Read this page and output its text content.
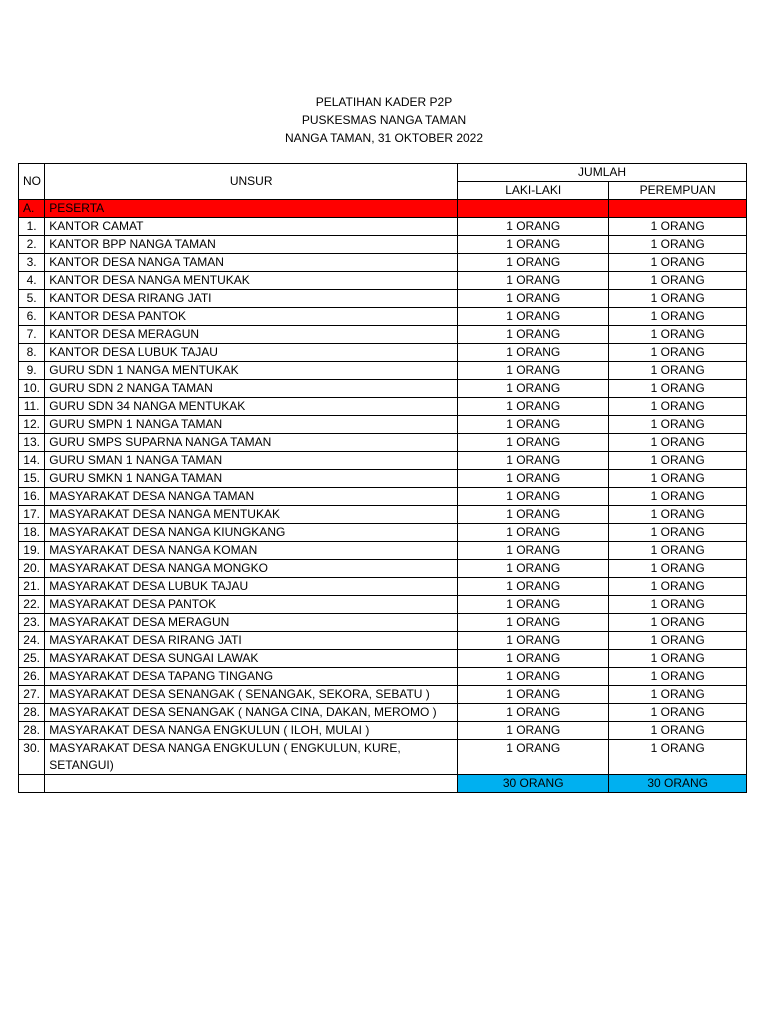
PELATIHAN KADER P2P
PUSKESMAS NANGA TAMAN
NANGA TAMAN, 31 OKTOBER 2022
NO	UNSUR	JUMLAH	
		LAKI-LAKI	PEREMPUAN
A.	PESERTA		
1.	KANTOR CAMAT	1 ORANG	1 ORANG
2.	KANTOR BPP NANGA TAMAN	1 ORANG	1 ORANG
3.	KANTOR DESA NANGA TAMAN	1 ORANG	1 ORANG
4.	KANTOR DESA NANGA MENTUKAK	1 ORANG	1 ORANG
5.	KANTOR DESA RIRANG JATI	1 ORANG	1 ORANG
6.	KANTOR DESA PANTOK	1 ORANG	1 ORANG
7.	KANTOR DESA MERAGUN	1 ORANG	1 ORANG
8.	KANTOR DESA LUBUK TAJAU	1 ORANG	1 ORANG
9.	GURU SDN 1 NANGA MENTUKAK	1 ORANG	1 ORANG
10.	GURU SDN 2 NANGA TAMAN	1 ORANG	1 ORANG
11.	GURU SDN 34 NANGA MENTUKAK	1 ORANG	1 ORANG
12.	GURU SMPN 1 NANGA TAMAN	1 ORANG	1 ORANG
13.	GURU SMPS SUPARNA NANGA TAMAN	1 ORANG	1 ORANG
14.	GURU SMAN 1 NANGA TAMAN	1 ORANG	1 ORANG
15.	GURU SMKN 1 NANGA TAMAN	1 ORANG	1 ORANG
16.	MASYARAKAT DESA NANGA TAMAN	1 ORANG	1 ORANG
17.	MASYARAKAT DESA NANGA MENTUKAK	1 ORANG	1 ORANG
18.	MASYARAKAT DESA NANGA KIUNGKANG	1 ORANG	1 ORANG
19.	MASYARAKAT DESA NANGA KOMAN	1 ORANG	1 ORANG
20.	MASYARAKAT DESA NANGA MONGKO	1 ORANG	1 ORANG
21.	MASYARAKAT DESA LUBUK TAJAU	1 ORANG	1 ORANG
22.	MASYARAKAT DESA PANTOK	1 ORANG	1 ORANG
23.	MASYARAKAT DESA MERAGUN	1 ORANG	1 ORANG
24.	MASYARAKAT DESA RIRANG JATI	1 ORANG	1 ORANG
25.	MASYARAKAT DESA SUNGAI LAWAK	1 ORANG	1 ORANG
26.	MASYARAKAT DESA TAPANG TINGANG	1 ORANG	1 ORANG
27.	MASYARAKAT DESA SENANGAK ( SENANGAK, SEKORA, SEBATU )	1 ORANG	1 ORANG
28.	MASYARAKAT DESA SENANGAK ( NANGA CINA, DAKAN, MEROMO )	1 ORANG	1 ORANG
28.	MASYARAKAT DESA NANGA ENGKULUN ( ILOH, MULAI )	1 ORANG	1 ORANG
30.	MASYARAKAT DESA NANGA ENGKULUN ( ENGKULUN, KURE,
SETANGUI)	1 ORANG	1 ORANG
		30 ORANG	30 ORANG
